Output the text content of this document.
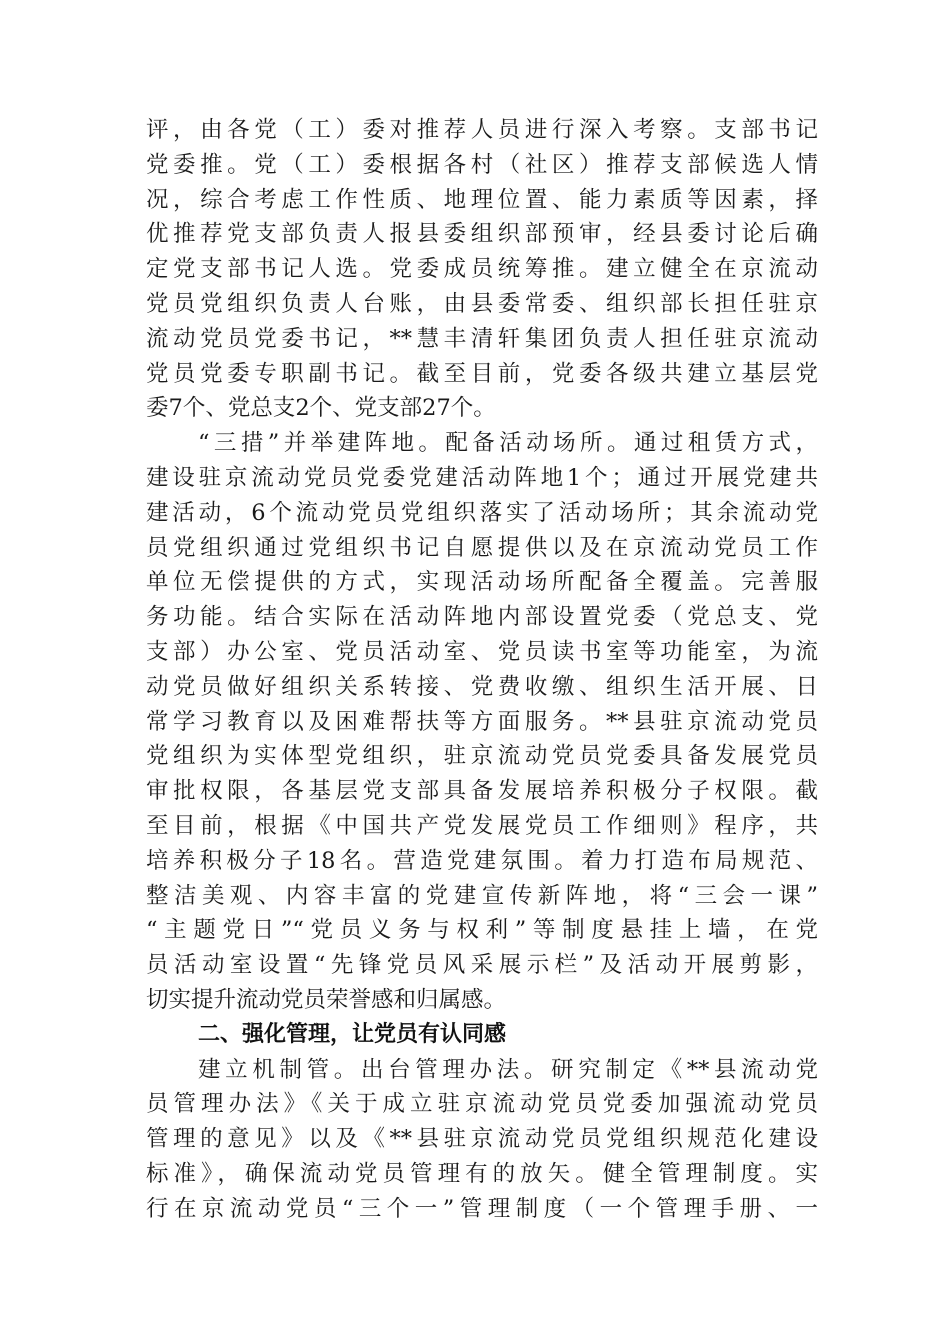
评，由各党（工）委对推荐人员进行深入考察。支部书记
党委推。党（工）委根据各村（社区）推荐支部候选人情
况，综合考虑工作性质、地理位置、能力素质等因素，择
优推荐党支部负责人报县委组织部预审，经县委讨论后确
定党支部书记人选。党委成员统筹推。建立健全在京流动
党员党组织负责人台账，由县委常委、组织部长担任驻京
流动党员党委书记，**慧丰清轩集团负责人担任驻京流动
党员党委专职副书记。截至目前，党委各级共建立基层党
委7个、党总支2个、党支部27个。
“三措”并举建阵地。配备活动场所。通过租赁方式，
建设驻京流动党员党委党建活动阵地1个；通过开展党建共
建活动，6个流动党员党组织落实了活动场所；其余流动党
员党组织通过党组织书记自愿提供以及在京流动党员工作
单位无偿提供的方式，实现活动场所配备全覆盖。完善服
务功能。结合实际在活动阵地内部设置党委（党总支、党
支部）办公室、党员活动室、党员读书室等功能室，为流
动党员做好组织关系转接、党费收缴、组织生活开展、日
常学习教育以及困难帮扶等方面服务。**县驻京流动党员
党组织为实体型党组织，驻京流动党员党委具备发展党员
审批权限，各基层党支部具备发展培养积极分子权限。截
至目前，根据《中国共产党发展党员工作细则》程序，共
培养积极分子18名。营造党建氛围。着力打造布局规范、
整洁美观、内容丰富的党建宣传新阵地，将“三会一课”
“主题党日”“党员义务与权利”等制度悬挂上墙，在党
员活动室设置“先锋党员风采展示栏”及活动开展剪影，
切实提升流动党员荣誉感和归属感。
二、强化管理，让党员有认同感
建立机制管。出台管理办法。研究制定《**县流动党
员管理办法》《关于成立驻京流动党员党委加强流动党员
管理的意见》以及《**县驻京流动党员党组织规范化建设
标准》，确保流动党员管理有的放矢。健全管理制度。实
行在京流动党员“三个一”管理制度（一个管理手册、一
